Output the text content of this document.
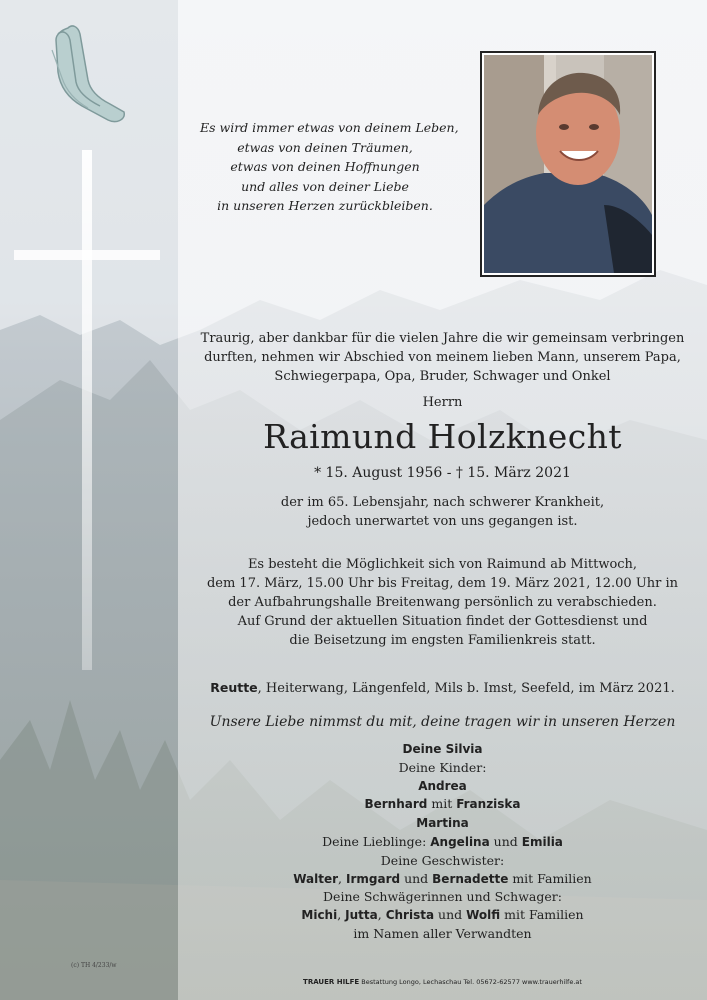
Es wird immer etwas von deinem Leben,
etwas von deinen Träumen,
etwas von deinen Hoffnungen
und alles von deiner Liebe
in unseren Herzen zurückbleiben.
Traurig, aber dankbar für die vielen Jahre die wir gemeinsam verbringen
durften, nehmen wir Abschied von meinem lieben Mann, unserem Papa,
Schwiegerpapa, Opa, Bruder, Schwager und Onkel
Herrn
Raimund Holzknecht
* 15. August 1956 - † 15. März 2021
der im 65. Lebensjahr, nach schwerer Krankheit,
jedoch unerwartet von uns gegangen ist.
Es besteht die Möglichkeit sich von Raimund ab Mittwoch,
dem 17. März, 15.00 Uhr bis Freitag, dem 19. März 2021, 12.00 Uhr in
der Aufbahrungshalle Breitenwang persönlich zu verabschieden.
Auf Grund der aktuellen Situation findet der Gottesdienst und
die Beisetzung im engsten Familienkreis statt.
Reutte, Heiterwang, Längenfeld, Mils b. Imst, Seefeld, im März 2021.
Unsere Liebe nimmst du mit, deine tragen wir in unseren Herzen
Deine Silvia
Deine Kinder:
Andrea
Bernhard mit Franziska
Martina
Deine Lieblinge: Angelina und Emilia
Deine Geschwister:
Walter, Irmgard und Bernadette mit Familien
Deine Schwägerinnen und Schwager:
Michi, Jutta, Christa und Wolfi mit Familien
im Namen aller Verwandten
(c) TH 4/233/w
TRAUER HILFE Bestattung Longo, Lechaschau Tel. 05672-62577 www.trauerhilfe.at
